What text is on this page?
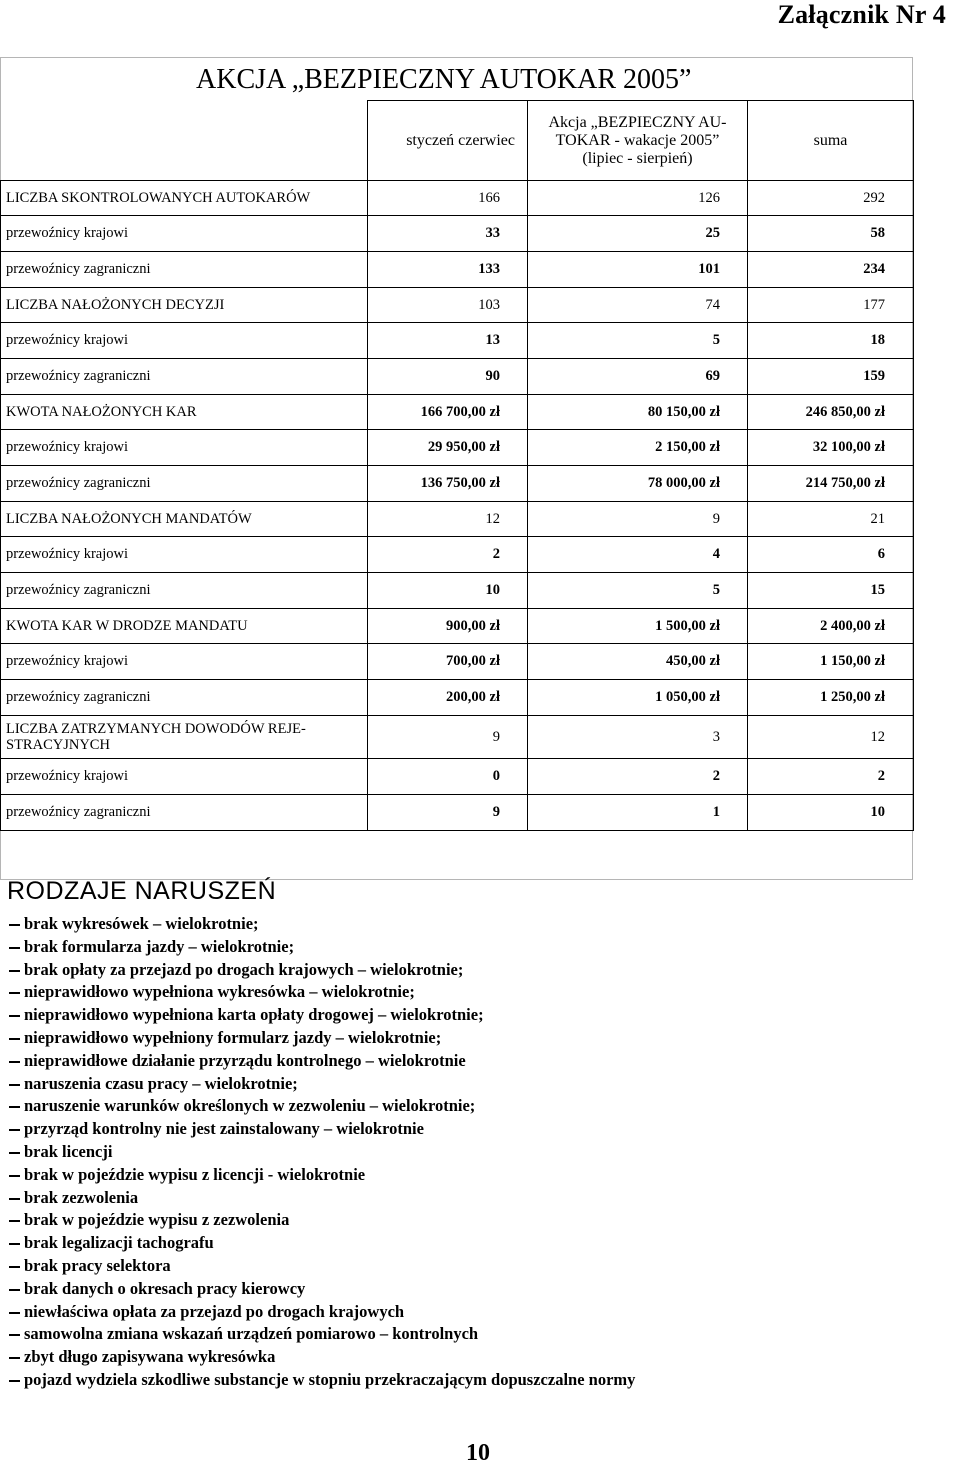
Załącznik Nr 4
AKCJA „BEZPIECZNY AUTOKAR 2005”
	styczeń czerwiec	Akcja „BEZPIECZNY AU-TOKAR - wakacje 2005” (lipiec - sierpień)	suma
LICZBA SKONTROLOWANYCH AUTOKARÓW	166	126	292
przewoźnicy krajowi	33	25	58
przewoźnicy zagraniczni	133	101	234
LICZBA NAŁOŻONYCH DECYZJI	103	74	177
przewoźnicy krajowi	13	5	18
przewoźnicy zagraniczni	90	69	159
KWOTA NAŁOŻONYCH KAR	166 700,00 zł	80 150,00 zł	246 850,00 zł
przewoźnicy krajowi	29 950,00 zł	2 150,00 zł	32 100,00 zł
przewoźnicy zagraniczni	136 750,00 zł	78 000,00 zł	214 750,00 zł
LICZBA NAŁOŻONYCH MANDATÓW	12	9	21
przewoźnicy krajowi	2	4	6
przewoźnicy zagraniczni	10	5	15
KWOTA KAR W DRODZE MANDATU	900,00 zł	1 500,00 zł	2 400,00 zł
przewoźnicy krajowi	700,00 zł	450,00 zł	1 150,00 zł
przewoźnicy zagraniczni	200,00 zł	1 050,00 zł	1 250,00 zł
LICZBA ZATRZYMANYCH DOWODÓW REJE-STRACYJNYCH	9	3	12
przewoźnicy krajowi	0	2	2
przewoźnicy zagraniczni	9	1	10
RODZAJE NARUSZEŃ
brak wykresówek – wielokrotnie;
brak formularza jazdy – wielokrotnie;
brak opłaty za przejazd po drogach krajowych – wielokrotnie;
nieprawidłowo wypełniona wykresówka – wielokrotnie;
nieprawidłowo wypełniona karta opłaty drogowej – wielokrotnie;
nieprawidłowo wypełniony formularz jazdy – wielokrotnie;
nieprawidłowe działanie przyrządu kontrolnego – wielokrotnie
naruszenia czasu pracy – wielokrotnie;
naruszenie warunków określonych w zezwoleniu – wielokrotnie;
przyrząd kontrolny nie jest zainstalowany – wielokrotnie
brak licencji
brak w pojeździe wypisu z licencji - wielokrotnie
brak zezwolenia
brak w pojeździe wypisu z zezwolenia
brak legalizacji tachografu
brak pracy selektora
brak danych o okresach pracy kierowcy
niewłaściwa opłata za przejazd po drogach krajowych
samowolna zmiana wskazań urządzeń pomiarowo – kontrolnych
zbyt długo zapisywana wykresówka
pojazd wydziela szkodliwe substancje w stopniu przekraczającym dopuszczalne normy
10
